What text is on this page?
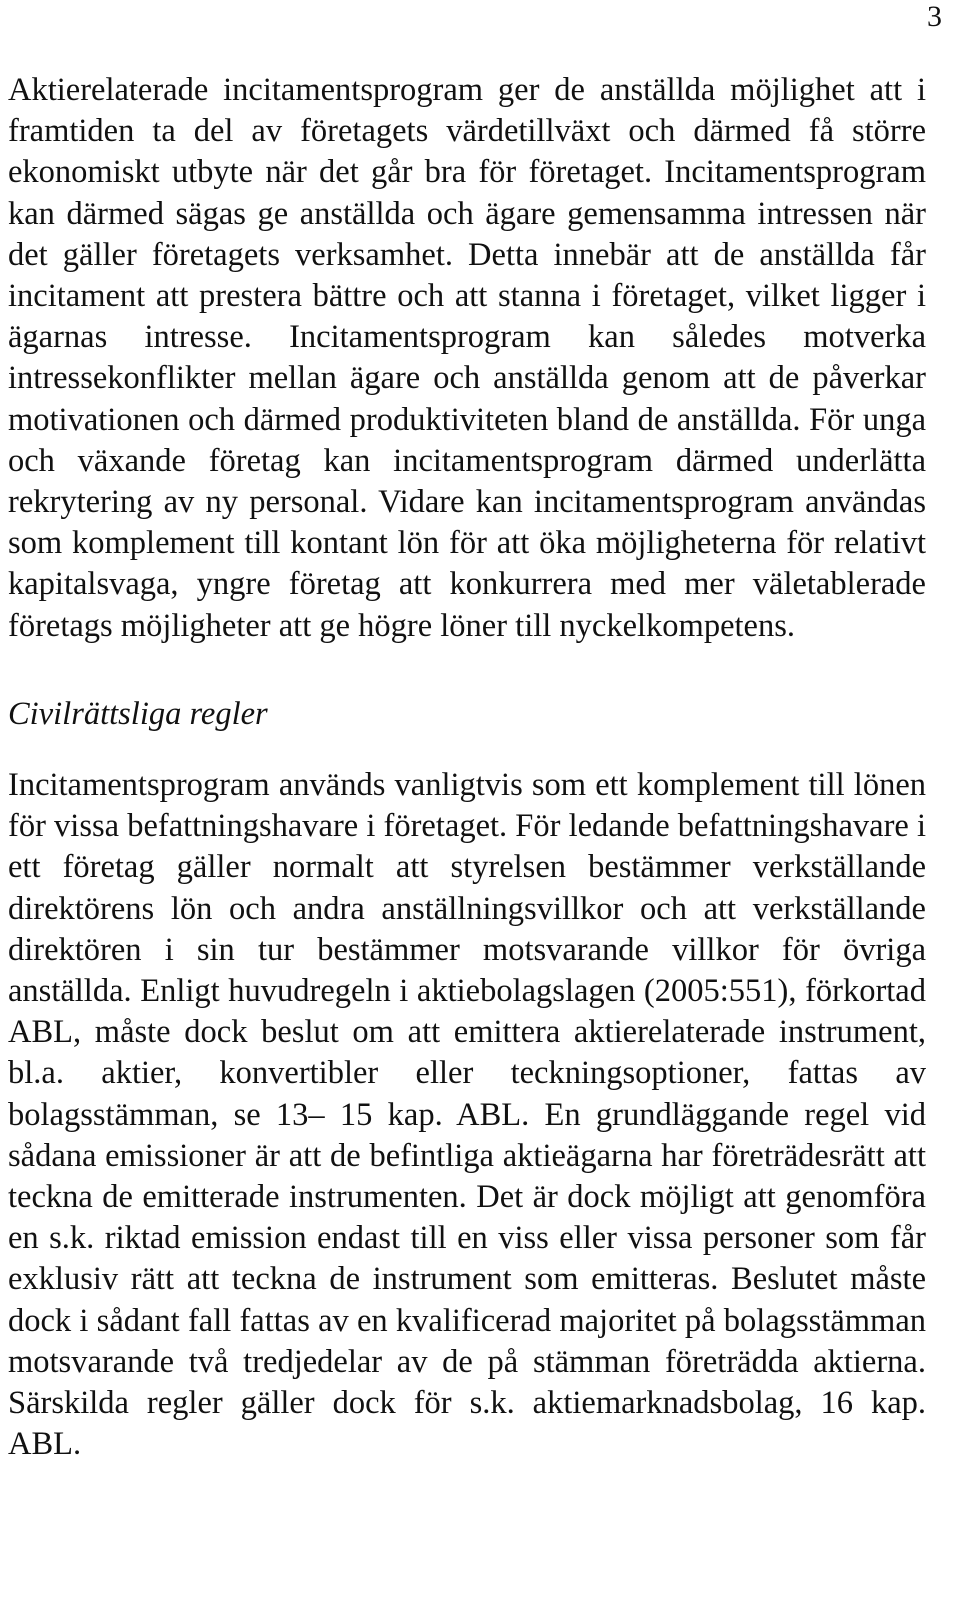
3

Aktierelaterade incitamentsprogram ger de anställda möjlighet att i framtiden ta del av företagets värdetillväxt och därmed få större ekonomiskt utbyte när det går bra för företaget. Incitamentsprogram kan därmed sägas ge anställda och ägare gemensamma intressen när det gäller företagets verksamhet. Detta innebär att de anställda får incitament att prestera bättre och att stanna i företaget, vilket ligger i ägarnas intresse. Incitamentsprogram kan således motverka intressekonflikter mellan ägare och anställda genom att de påverkar motivationen och därmed produktiviteten bland de anställda. För unga och växande företag kan incitamentsprogram därmed underlätta rekrytering av ny personal. Vidare kan incitamentsprogram användas som komplement till kontant lön för att öka möjligheterna för relativt kapitalsvaga, yngre företag att konkurrera med mer väletablerade företags möjligheter att ge högre löner till nyckelkompetens.

Civilrättsliga regler

Incitamentsprogram används vanligtvis som ett komplement till lönen för vissa befattningshavare i företaget. För ledande befattningshavare i ett företag gäller normalt att styrelsen bestämmer verkställande direktörens lön och andra anställningsvillkor och att verkställande direktören i sin tur bestämmer motsvarande villkor för övriga anställda. Enligt huvudregeln i aktiebolagslagen (2005:551), förkortad ABL, måste dock beslut om att emittera aktierelaterade instrument, bl.a. aktier, konvertibler eller teckningsoptioner, fattas av bolagsstämman, se 13– 15 kap. ABL. En grundläggande regel vid sådana emissioner är att de befintliga aktieägarna har företrädesrätt att teckna de emitterade instrumenten. Det är dock möjligt att genomföra en s.k. riktad emission endast till en viss eller vissa personer som får exklusiv rätt att teckna de instrument som emitteras. Beslutet måste dock i sådant fall fattas av en kvalificerad majoritet på bolagsstämman motsvarande två tredjedelar av de på stämman företrädda aktierna. Särskilda regler gäller dock för s.k. aktiemarknadsbolag, 16 kap. ABL.
